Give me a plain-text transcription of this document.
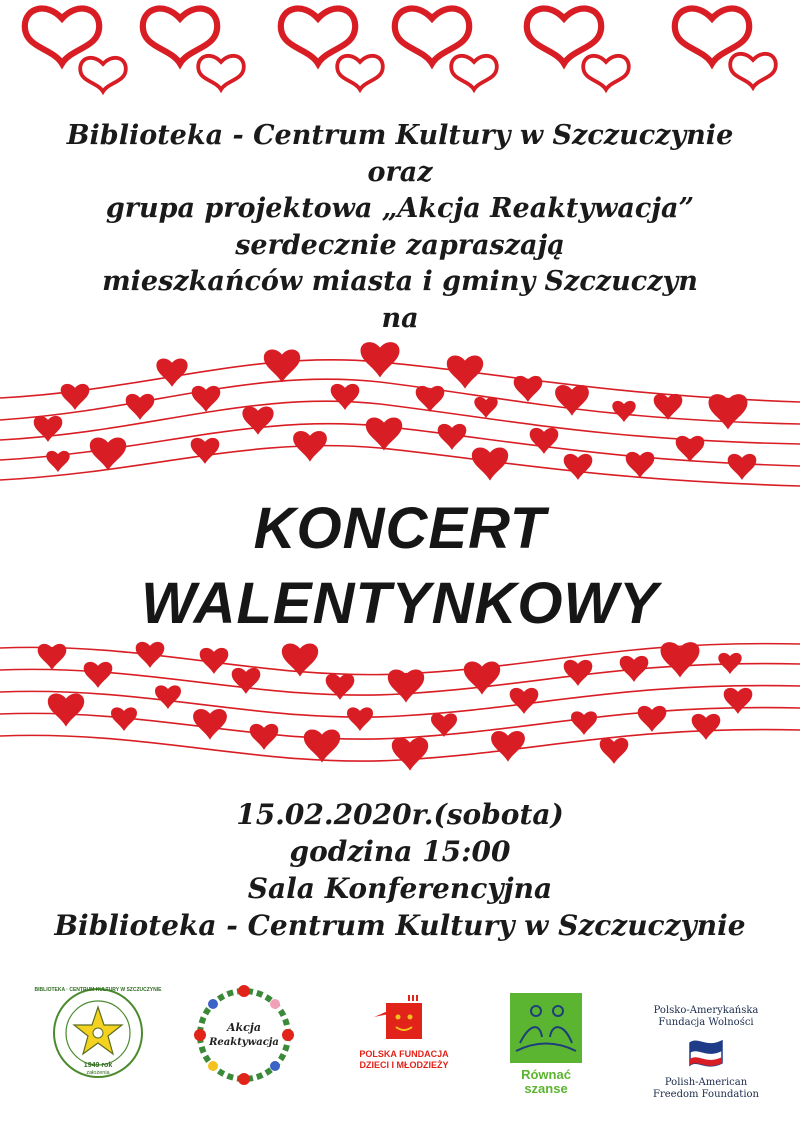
Biblioteka - Centrum Kultury w Szczuczynie
oraz
grupa projektowa „Akcja Reaktywacja”
serdecznie zapraszają
mieszkańców miasta i gminy Szczuczyn
na
KONCERT
WALENTYNKOWY
15.02.2020r.(sobota)
godzina 15:00
Sala Konferencyjna
Biblioteka - Centrum Kultury w Szczuczynie
1949 rok
założenia
BIBLIOTEKA · CENTRUM KULTURY W SZCZUCZYNIE
Akcja
Reaktywacja
POLSKA FUNDACJA
DZIECI I MŁODZIEŻY
Równać
szanse
Polsko-Amerykańska
Fundacja Wolności
Polish-American
Freedom Foundation
